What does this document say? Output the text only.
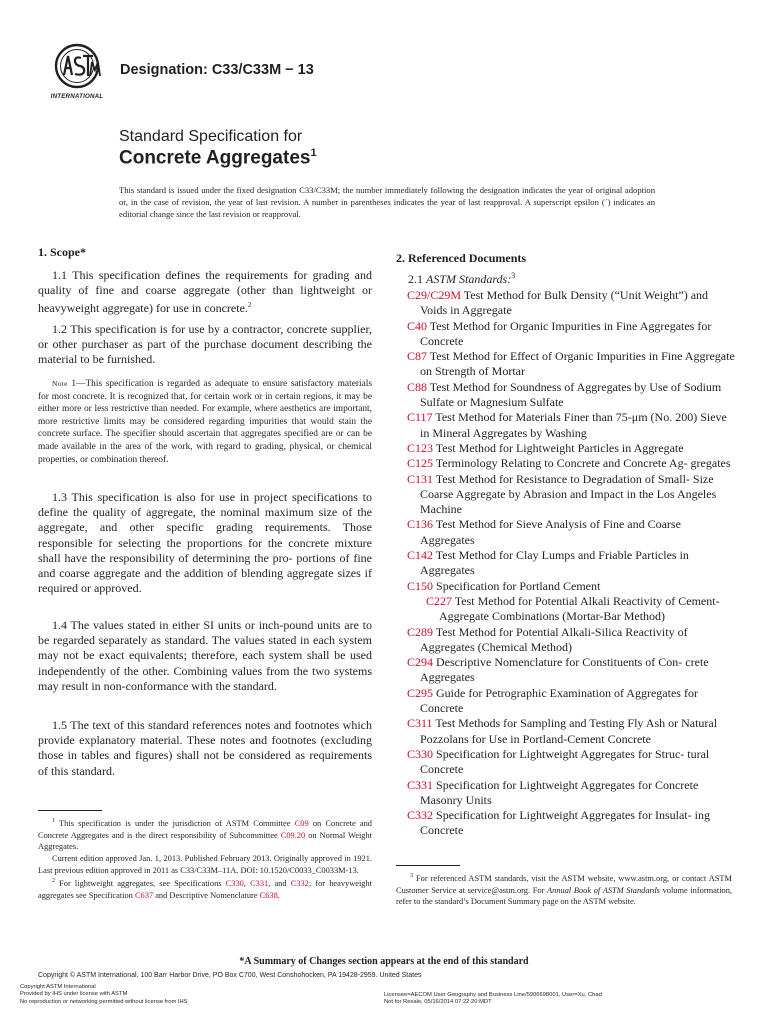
INTERNATIONAL
Designation: C33/C33M − 13
Standard Specification for
Concrete Aggregates$^1$
This standard is issued under the fixed designation C33/C33M; the number immediately following the designation indicates the year of original adoption or, in the case of revision, the year of last revision. A number in parentheses indicates the year of last reapproval. A superscript epsilon (´) indicates an editorial change since the last revision or reapproval.
1. Scope*
1.1 This specification defines the requirements for grading and quality of fine and coarse aggregate (other than lightweight or heavyweight aggregate) for use in concrete.$^2$
1.2 This specification is for use by a contractor, concrete supplier, or other purchaser as part of the purchase document describing the material to be furnished.
Note 1—This specification is regarded as adequate to ensure satisfactory materials for most concrete. It is recognized that, for certain work or in certain regions, it may be either more or less restrictive than needed. For example, where aesthetics are important, more restrictive limits may be considered regarding impurities that would stain the concrete surface. The specifier should ascertain that aggregates specified are or can be made available in the area of the work, with regard to grading, physical, or chemical properties, or combination thereof.
1.3 This specification is also for use in project specifications to define the quality of aggregate, the nominal maximum size of the aggregate, and other specific grading requirements. Those responsible for selecting the proportions for the concrete mixture shall have the responsibility of determining the pro- portions of fine and coarse aggregate and the addition of blending aggregate sizes if required or approved.
1.4 The values stated in either SI units or inch-pound units are to be regarded separately as standard. The values stated in each system may not be exact equivalents; therefore, each system shall be used independently of the other. Combining values from the two systems may result in non-conformance with the standard.
1.5 The text of this standard references notes and footnotes which provide explanatory material. These notes and footnotes (excluding those in tables and figures) shall not be considered as requirements of this standard.

$^1$ This specification is under the jurisdiction of ASTM Committee C09 on Concrete and Concrete Aggregates and is the direct responsibility of Subcommittee C09.20 on Normal Weight Aggregates.

Current edition approved Jan. 1, 2013. Published February 2013. Originally approved in 1921. Last previous edition approved in 2011 as C33/C33M–11A. DOI: 10.1520/C0033_C0033M-13.

$^2$ For lightweight aggregates, see Specifications C330, C331, and C332; for heavyweight aggregates see Specification C637 and Descriptive Nomenclature C638.

2. Referenced Documents
2.1 ASTM Standards:$^3$

C29/C29M Test Method for Bulk Density (“Unit Weight”) and Voids in Aggregate

C40 Test Method for Organic Impurities in Fine Aggregates for Concrete

C87 Test Method for Effect of Organic Impurities in Fine Aggregate on Strength of Mortar

C88 Test Method for Soundness of Aggregates by Use of Sodium Sulfate or Magnesium Sulfate

C117 Test Method for Materials Finer than 75-μm (No. 200) Sieve in Mineral Aggregates by Washing

C123 Test Method for Lightweight Particles in Aggregate

C125 Terminology Relating to Concrete and Concrete Ag- gregates

C131 Test Method for Resistance to Degradation of Small- Size Coarse Aggregate by Abrasion and Impact in the Los Angeles Machine

C136 Test Method for Sieve Analysis of Fine and Coarse Aggregates

C142 Test Method for Clay Lumps and Friable Particles in Aggregates

C150 Specification for Portland Cement

C227 Test Method for Potential Alkali Reactivity of Cement-Aggregate Combinations (Mortar-Bar Method)

C289 Test Method for Potential Alkali-Silica Reactivity of Aggregates (Chemical Method)

C294 Descriptive Nomenclature for Constituents of Con- crete Aggregates

C295 Guide for Petrographic Examination of Aggregates for Concrete

C311 Test Methods for Sampling and Testing Fly Ash or Natural Pozzolans for Use in Portland-Cement Concrete

C330 Specification for Lightweight Aggregates for Struc- tural Concrete

C331 Specification for Lightweight Aggregates for Concrete Masonry Units

C332 Specification for Lightweight Aggregates for Insulat- ing Concrete

$^3$ For referenced ASTM standards, visit the ASTM website, www.astm.org, or contact ASTM Customer Service at service@astm.org. For Annual Book of ASTM Standards volume information, refer to the standard’s Document Summary page on the ASTM website.
*A Summary of Changes section appears at the end of this standard
Copyright © ASTM International, 100 Barr Harbor Drive, PO Box C700, West Conshohocken, PA 19428-2959. United States
Copyright ASTM International
Provided by IHS under license with ASTM
No reproduction or networking permitted without license from IHS
Licensee=AECOM User Geography and Business Line/5906698001, User=Xu, Chad
Not for Resale, 05/16/2014 07:22:20 MDT
